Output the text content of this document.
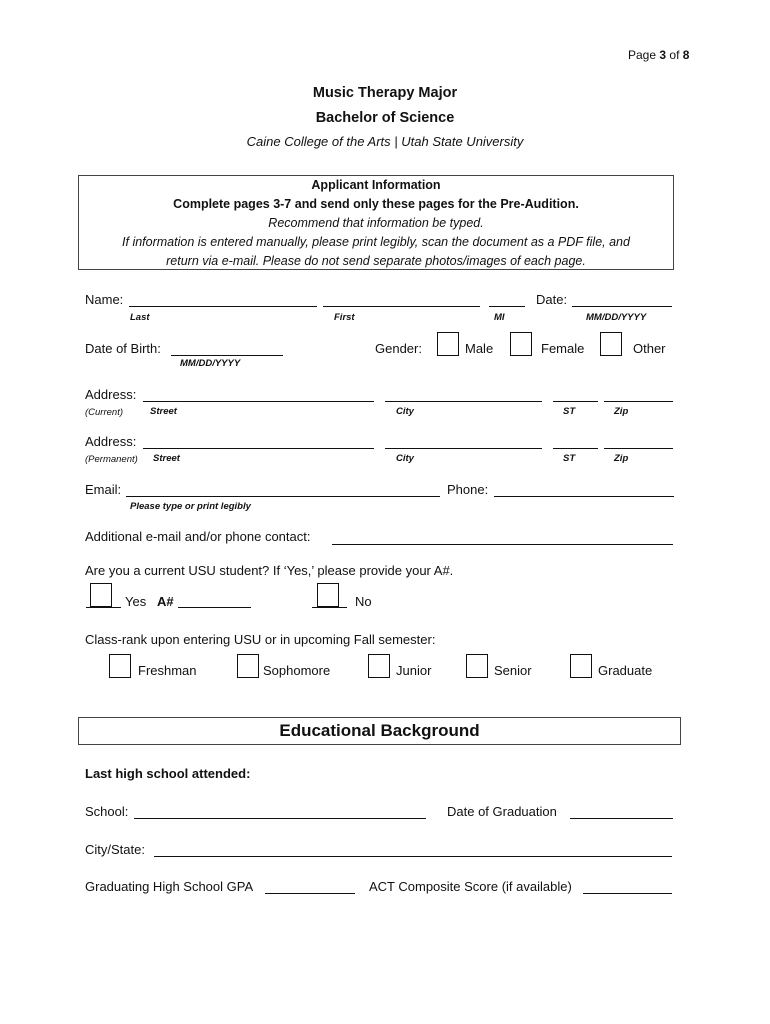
Page 3 of 8
Music Therapy Major
Bachelor of Science
Caine College of the Arts | Utah State University
Applicant Information
Complete pages 3-7 and send only these pages for the Pre-Audition.
Recommend that information be typed.
If information is entered manually, please print legibly, scan the document as a PDF file, and
return via e-mail. Please do not send separate photos/images of each page.
Name:	Date:
Last	First	MI	MM/DD/YYYY
Date of Birth:
MM/DD/YYYY
Gender:	Male	Female	Other
Address:
(Current)	Street	City	ST	Zip
Address:
(Permanent) Street	City	ST	Zip
Email:
Please type or print legibly
Phone:
Additional e-mail and/or phone contact:
Are you a current USU student? If ‘Yes,’ please provide your A#.
Yes A#	No
Class-rank upon entering USU or in upcoming Fall semester:
Freshman	Sophomore	Junior	Senior	Graduate
Educational Background
Last high school attended:
School:	Date of Graduation
City/State:
Graduating High School GPA	ACT Composite Score (if available)
